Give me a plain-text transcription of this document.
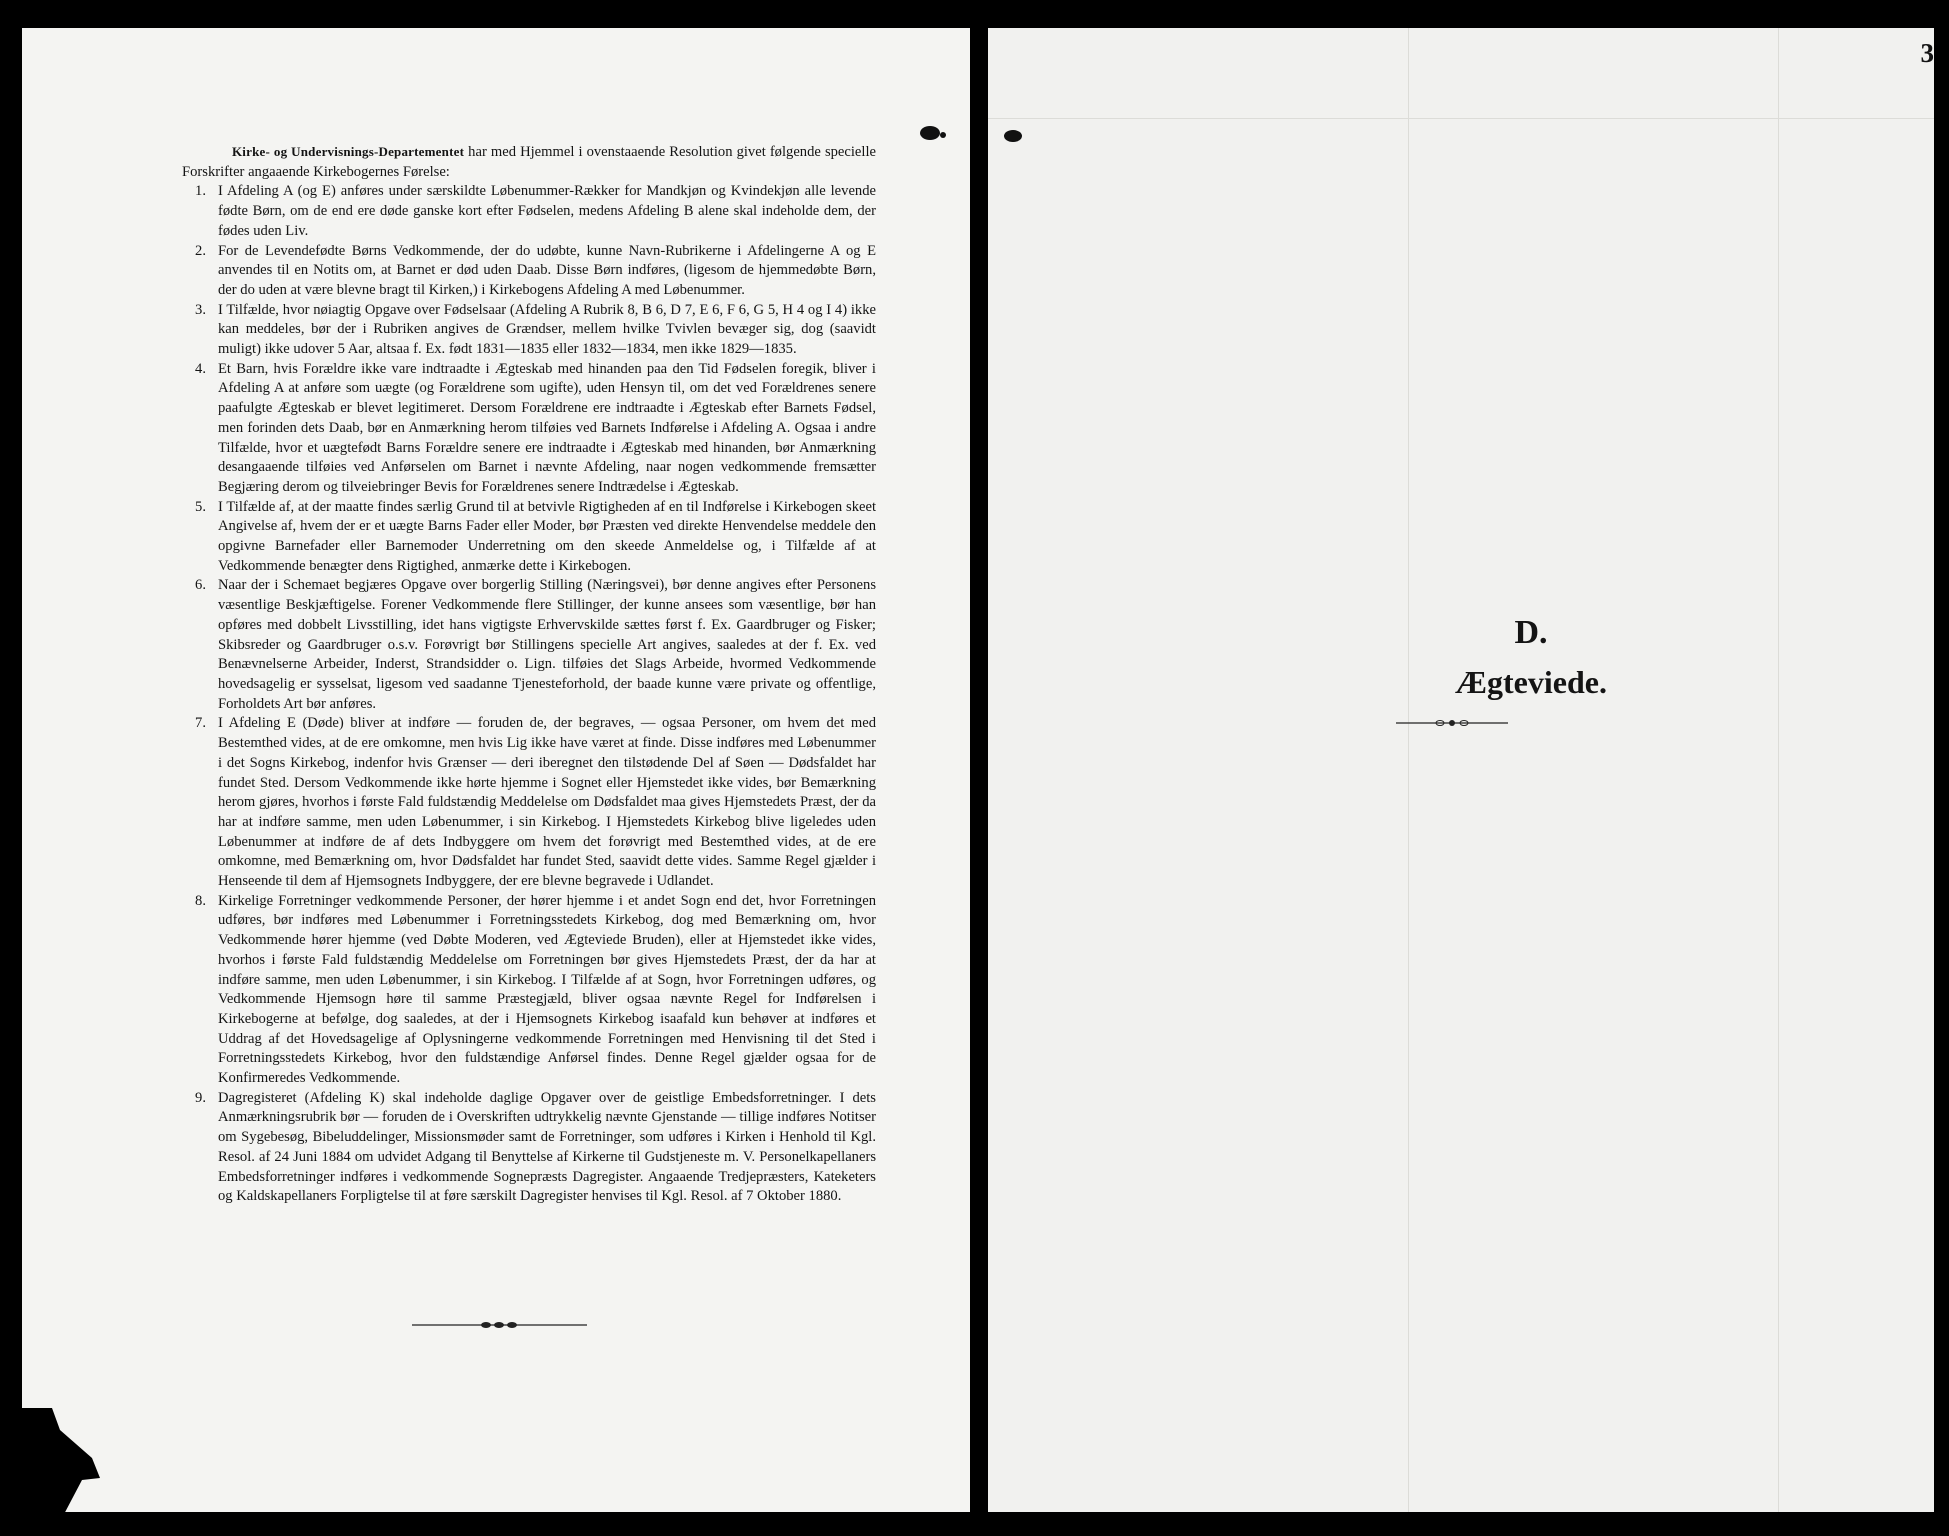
Kirke- og Undervisnings-Departementet har med Hjemmel i ovenstaaende Resolution givet følgende specielle Forskrifter angaaende Kirkebogernes Førelse:

1. I Afdeling A (og E) anføres under særskildte Løbenummer-Rækker for Mandkjøn og Kvindekjøn alle levende fødte Børn, om de end ere døde ganske kort efter Fødselen, medens Afdeling B alene skal indeholde dem, der fødes uden Liv.
2. For de Levendefødte Børns Vedkommende, der do udøbte, kunne Navn-Rubrikerne i Afdelingerne A og E anvendes til en Notits om, at Barnet er død uden Daab. Disse Børn indføres, (ligesom de hjemmedøbte Børn, der do uden at være blevne bragt til Kirken,) i Kirkebogens Afdeling A med Løbenummer.
3. I Tilfælde, hvor nøiagtig Opgave over Fødselsaar (Afdeling A Rubrik 8, B 6, D 7, E 6, F 6, G 5, H 4 og I 4) ikke kan meddeles, bør der i Rubriken angives de Grændser, mellem hvilke Tvivlen bevæger sig, dog (saavidt muligt) ikke udover 5 Aar, altsaa f. Ex. født 1831—1835 eller 1832—1834, men ikke 1829—1835.
4. Et Barn, hvis Forældre ikke vare indtraadte i Ægteskab med hinanden paa den Tid Fødselen foregik, bliver i Afdeling A at anføre som uægte (og Forældrene som ugifte), uden Hensyn til, om det ved Forældrenes senere paafulgte Ægteskab er blevet legitimeret. Dersom Forældrene ere indtraadte i Ægteskab efter Barnets Fødsel, men forinden dets Daab, bør en Anmærkning herom tilføies ved Barnets Indførelse i Afdeling A. Ogsaa i andre Tilfælde, hvor et uægtefødt Barns Forældre senere ere indtraadte i Ægteskab med hinanden, bør Anmærkning desangaaende tilføies ved Anførselen om Barnet i nævnte Afdeling, naar nogen vedkommende fremsætter Begjæring derom og tilveiebringer Bevis for Forældrenes senere Indtrædelse i Ægteskab.
5. I Tilfælde af, at der maatte findes særlig Grund til at betvivle Rigtigheden af en til Indførelse i Kirkebogen skeet Angivelse af, hvem der er et uægte Barns Fader eller Moder, bør Præsten ved direkte Henvendelse meddele den opgivne Barnefader eller Barnemoder Underretning om den skeede Anmeldelse og, i Tilfælde af at Vedkommende benægter dens Rigtighed, anmærke dette i Kirkebogen.
6. Naar der i Schemaet begjæres Opgave over borgerlig Stilling (Næringsvei), bør denne angives efter Personens væsentlige Beskjæftigelse. Forener Vedkommende flere Stillinger, der kunne ansees som væsentlige, bør han opføres med dobbelt Livsstilling, idet hans vigtigste Erhvervskilde sættes først f. Ex. Gaardbruger og Fisker; Skibsreder og Gaardbruger o.s.v. Forøvrigt bør Stillingens specielle Art angives, saaledes at der f. Ex. ved Benævnelserne Arbeider, Inderst, Strandsidder o. Lign. tilføies det Slags Arbeide, hvormed Vedkommende hovedsagelig er sysselsat, ligesom ved saadanne Tjenesteforhold, der baade kunne være private og offentlige, Forholdets Art bør anføres.
7. I Afdeling E (Døde) bliver at indføre — foruden de, der begraves, — ogsaa Personer, om hvem det med Bestemthed vides, at de ere omkomne, men hvis Lig ikke have været at finde. Disse indføres med Løbenummer i det Sogns Kirkebog, indenfor hvis Grænser — deri iberegnet den tilstødende Del af Søen — Dødsfaldet har fundet Sted. Dersom Vedkommende ikke hørte hjemme i Sognet eller Hjemstedet ikke vides, bør Bemærkning herom gjøres, hvorhos i første Fald fuldstændig Meddelelse om Dødsfaldet maa gives Hjemstedets Præst, der da har at indføre samme, men uden Løbenummer, i sin Kirkebog. I Hjemstedets Kirkebog blive ligeledes uden Løbenummer at indføre de af dets Indbyggere om hvem det forøvrigt med Bestemthed vides, at de ere omkomne, med Bemærkning om, hvor Dødsfaldet har fundet Sted, saavidt dette vides. Samme Regel gjælder i Henseende til dem af Hjemsognets Indbyggere, der ere blevne begravede i Udlandet.
8. Kirkelige Forretninger vedkommende Personer, der hører hjemme i et andet Sogn end det, hvor Forretningen udføres, bør indføres med Løbenummer i Forretningsstedets Kirkebog, dog med Bemærkning om, hvor Vedkommende hører hjemme (ved Døbte Moderen, ved Ægteviede Bruden), eller at Hjemstedet ikke vides, hvorhos i første Fald fuldstændig Meddelelse om Forretningen bør gives Hjemstedets Præst, der da har at indføre samme, men uden Løbenummer, i sin Kirkebog. I Tilfælde af at Sogn, hvor Forretningen udføres, og Vedkommende Hjemsogn høre til samme Præstegjæld, bliver ogsaa nævnte Regel for Indførelsen i Kirkebogerne at befølge, dog saaledes, at der i Hjemsognets Kirkebog isaafald kun behøver at indføres et Uddrag af det Hovedsagelige af Oplysningerne vedkommende Forretningen med Henvisning til det Sted i Forretningsstedets Kirkebog, hvor den fuldstændige Anførsel findes. Denne Regel gjælder ogsaa for de Konfirmeredes Vedkommende.
9. Dagregisteret (Afdeling K) skal indeholde daglige Opgaver over de geistlige Embedsforretninger. I dets Anmærkningsrubrik bør — foruden de i Overskriften udtrykkelig nævnte Gjenstande — tillige indføres Notitser om Sygebesøg, Bibeluddelinger, Missionsmøder samt de Forretninger, som udføres i Kirken i Henhold til Kgl. Resol. af 24 Juni 1884 om udvidet Adgang til Benyttelse af Kirkerne til Gudstjeneste m. V. Personelkapellaners Embedsforretninger indføres i vedkommende Sognepræsts Dagregister. Angaaende Tredjepræsters, Kateketers og Kaldskapellaners Forpligtelse til at føre særskilt Dagregister henvises til Kgl. Resol. af 7 Oktober 1880.
3
D.
Ægteviede.
